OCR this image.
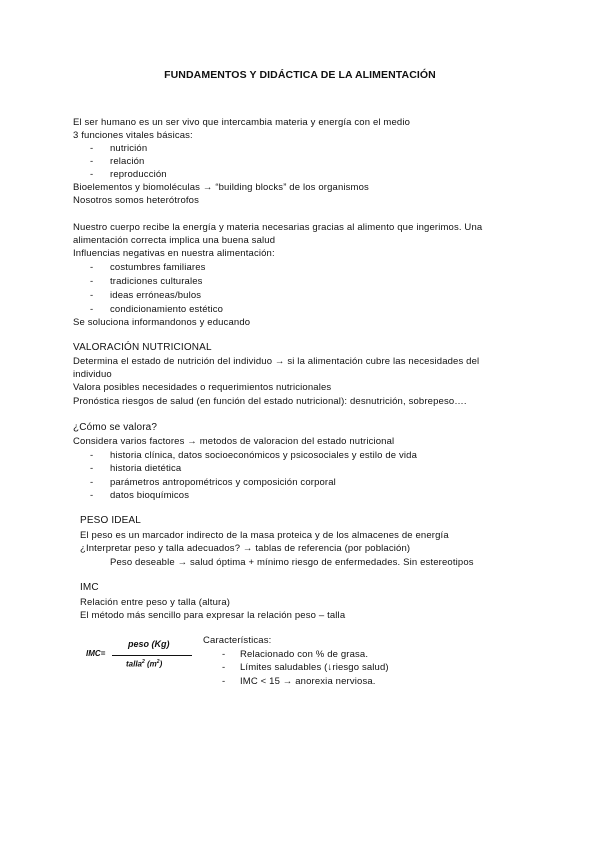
FUNDAMENTOS Y DIDÁCTICA DE LA ALIMENTACIÓN
El ser humano es un ser vivo que intercambia materia y energía con el medio
3 funciones vitales básicas:
- nutrición
- relación
- reproducción
Bioelementos y biomoléculas → “building blocks” de los organismos
Nosotros somos heterótrofos
Nuestro cuerpo recibe la energía y materia necesarias gracias al alimento que ingerimos. Una
alimentación correcta implica una buena salud
Influencias negativas en nuestra alimentación:
- costumbres familiares
- tradiciones culturales
- ideas erróneas/bulos
- condicionamiento estético
Se soluciona informandonos y educando
VALORACIÓN NUTRICIONAL
Determina el estado de nutrición del individuo → si la alimentación cubre las necesidades del
individuo
Valora posibles necesidades o requerimientos nutricionales
Pronóstica riesgos de salud (en función del estado nutricional): desnutrición, sobrepeso….
¿Cómo se valora?
Considera varios factores → metodos de valoracion del estado nutricional
- historia clínica, datos socioeconómicos y psicosociales y estilo de vida
- historia dietética
- parámetros antropométricos y composición corporal
- datos bioquímicos
PESO IDEAL
El peso es un marcador indirecto de la masa proteica y de los almacenes de energía
¿Interpretar peso y talla adecuados? → tablas de referencia (por población)
Peso deseable → salud óptima + mínimo riesgo de enfermedades. Sin estereotipos
IMC
Relación entre peso y talla (altura)
El método más sencillo para expresar la relación peso – talla
IMC=
peso (Kg)
talla$^2$ $(m^2)$
Características:
- Relacionado con % de grasa.
- Límites saludables (↓riesgo salud)
- IMC < 15 → anorexia nerviosa.
